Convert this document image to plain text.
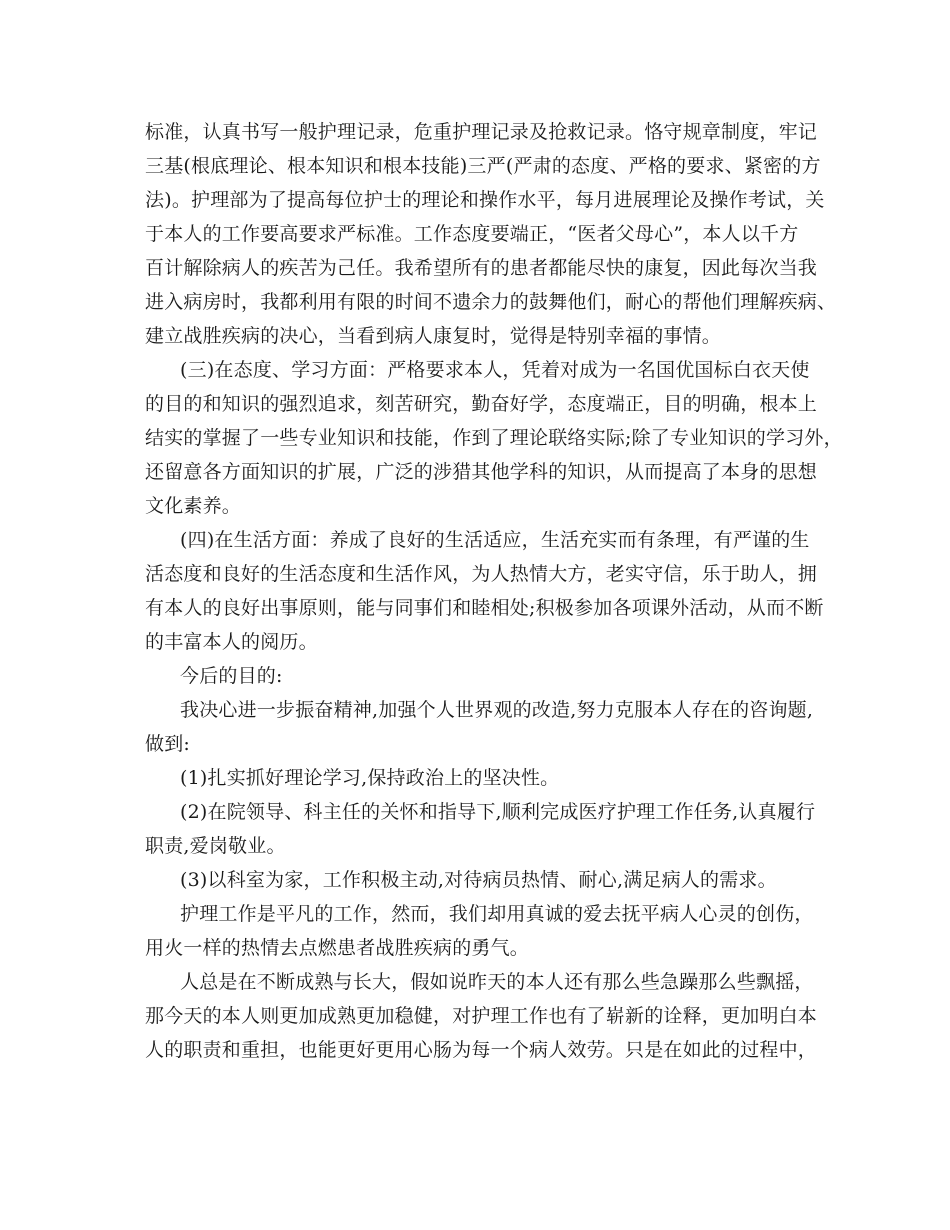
标准，认真书写一般护理记录，危重护理记录及抢救记录。恪守规章制度，牢记
三基(根底理论、根本知识和根本技能)三严(严肃的态度、严格的要求、紧密的方
法)。护理部为了提高每位护士的理论和操作水平，每月进展理论及操作考试，关
于本人的工作要高要求严标准。工作态度要端正，“医者父母心”，本人以千方
百计解除病人的疾苦为己任。我希望所有的患者都能尽快的康复，因此每次当我
进入病房时，我都利用有限的时间不遗余力的鼓舞他们，耐心的帮他们理解疾病、
建立战胜疾病的决心，当看到病人康复时，觉得是特别幸福的事情。
(三)在态度、学习方面：严格要求本人，凭着对成为一名国优国标白衣天使
的目的和知识的强烈追求，刻苦研究，勤奋好学，态度端正，目的明确，根本上
结实的掌握了一些专业知识和技能，作到了理论联络实际;除了专业知识的学习外，
还留意各方面知识的扩展，广泛的涉猎其他学科的知识，从而提高了本身的思想
文化素养。
(四)在生活方面：养成了良好的生活适应，生活充实而有条理，有严谨的生
活态度和良好的生活态度和生活作风，为人热情大方，老实守信，乐于助人，拥
有本人的良好出事原则，能与同事们和睦相处;积极参加各项课外活动，从而不断
的丰富本人的阅历。
今后的目的:
我决心进一步振奋精神,加强个人世界观的改造,努力克服本人存在的咨询题,
做到:
(1)扎实抓好理论学习,保持政治上的坚决性。
(2)在院领导、科主任的关怀和指导下,顺利完成医疗护理工作任务,认真履行
职责,爱岗敬业。
(3)以科室为家，工作积极主动,对待病员热情、耐心,满足病人的需求。
护理工作是平凡的工作，然而，我们却用真诚的爱去抚平病人心灵的创伤，
用火一样的热情去点燃患者战胜疾病的勇气。
人总是在不断成熟与长大，假如说昨天的本人还有那么些急躁那么些飘摇，
那今天的本人则更加成熟更加稳健，对护理工作也有了崭新的诠释，更加明白本
人的职责和重担，也能更好更用心肠为每一个病人效劳。只是在如此的过程中，
